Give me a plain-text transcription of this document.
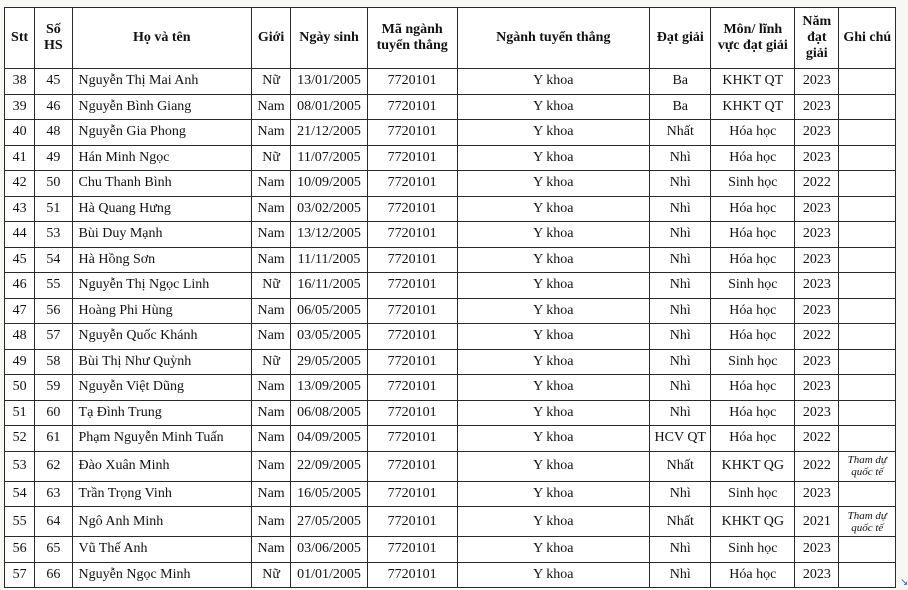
Stt	Số HS	Họ và tên	Giới	Ngày sinh	Mã ngành tuyển thẳng	Ngành tuyển thẳng	Đạt giải	Môn/ lĩnh vực đạt giải	Năm đạt giải	Ghi chú
38	45	Nguyễn Thị Mai Anh	Nữ	13/01/2005	7720101	Y khoa	Ba	KHKT QT	2023	
39	46	Nguyễn Bình Giang	Nam	08/01/2005	7720101	Y khoa	Ba	KHKT QT	2023	
40	48	Nguyễn Gia Phong	Nam	21/12/2005	7720101	Y khoa	Nhất	Hóa học	2023	
41	49	Hán Minh Ngọc	Nữ	11/07/2005	7720101	Y khoa	Nhì	Hóa học	2023	
42	50	Chu Thanh Bình	Nam	10/09/2005	7720101	Y khoa	Nhì	Sinh học	2022	
43	51	Hà Quang Hưng	Nam	03/02/2005	7720101	Y khoa	Nhì	Hóa học	2023	
44	53	Bùi Duy Mạnh	Nam	13/12/2005	7720101	Y khoa	Nhì	Hóa học	2023	
45	54	Hà Hồng Sơn	Nam	11/11/2005	7720101	Y khoa	Nhì	Hóa học	2023	
46	55	Nguyễn Thị Ngọc Linh	Nữ	16/11/2005	7720101	Y khoa	Nhì	Sinh học	2023	
47	56	Hoàng Phi Hùng	Nam	06/05/2005	7720101	Y khoa	Nhì	Hóa học	2023	
48	57	Nguyễn Quốc Khánh	Nam	03/05/2005	7720101	Y khoa	Nhì	Hóa học	2022	
49	58	Bùi Thị Như Quỳnh	Nữ	29/05/2005	7720101	Y khoa	Nhì	Sinh học	2023	
50	59	Nguyễn Việt Dũng	Nam	13/09/2005	7720101	Y khoa	Nhì	Hóa học	2023	
51	60	Tạ Đình Trung	Nam	06/08/2005	7720101	Y khoa	Nhì	Hóa học	2023	
52	61	Phạm Nguyễn Minh Tuấn	Nam	04/09/2005	7720101	Y khoa	HCV QT	Hóa học	2022	
53	62	Đào Xuân Minh	Nam	22/09/2005	7720101	Y khoa	Nhất	KHKT QG	2022	Tham dự quốc tế
54	63	Trần Trọng Vinh	Nam	16/05/2005	7720101	Y khoa	Nhì	Sinh học	2023	
55	64	Ngô Anh Minh	Nam	27/05/2005	7720101	Y khoa	Nhất	KHKT QG	2021	Tham dự quốc tế
56	65	Vũ Thế Anh	Nam	03/06/2005	7720101	Y khoa	Nhì	Sinh học	2023	
57	66	Nguyễn Ngọc Minh	Nữ	01/01/2005	7720101	Y khoa	Nhì	Hóa học	2023	
↘
